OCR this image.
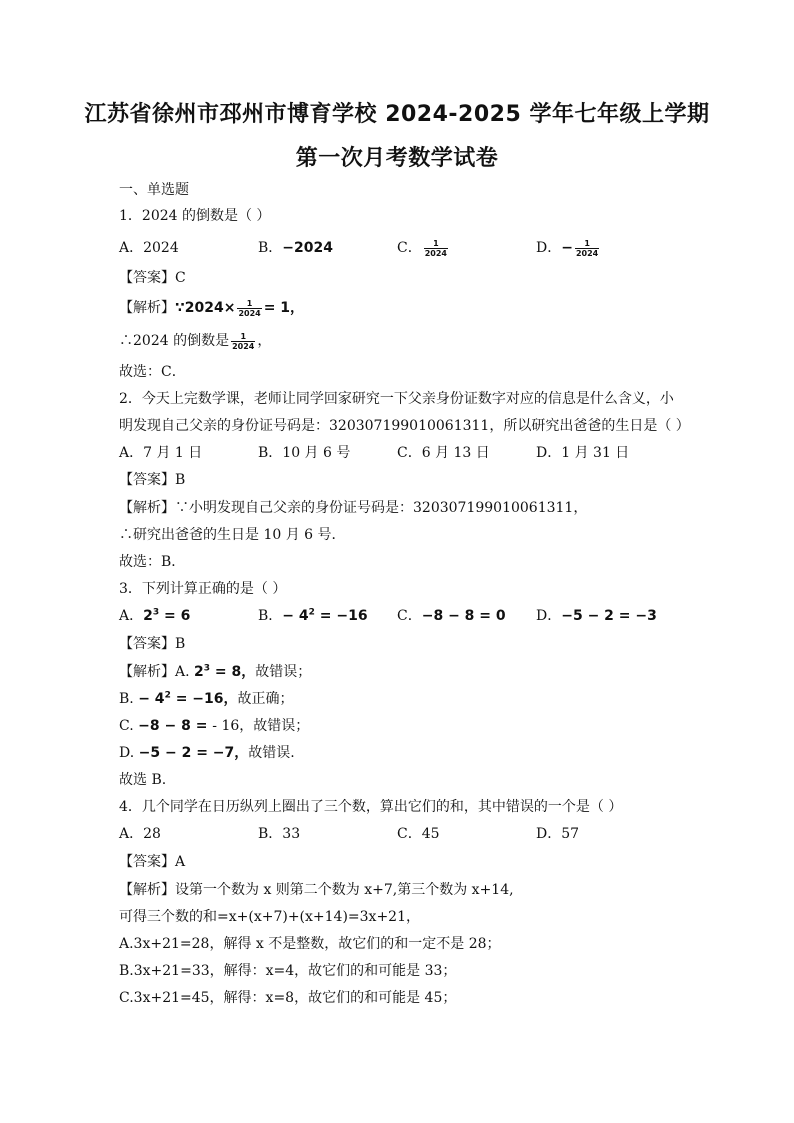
江苏省徐州市邳州市博育学校 2024-2025 学年七年级上学期
第一次月考数学试卷
一、单选题
1．2024 的倒数是（ ）
A．2024	B．−2024	C． $\frac{1}{2024}$	D．− $\frac{1}{2024}$
【答案】C
【解析】∵2024× $\frac{1}{2024} = 1$，
∴2024 的倒数是 $\frac{1}{2024}$ ，
故选：C．
2．今天上完数学课，老师让同学回家研究一下父亲身份证数字对应的信息是什么含义，小
明发现自己父亲的身份证号码是：320307199010061311，所以研究出爸爸的生日是（ ）
A．7 月 1 日	B．10 月 6 号	C．6 月 13 日	D．1 月 31 日
【答案】B
【解析】∵小明发现自己父亲的身份证号码是：320307199010061311，
∴研究出爸爸的生日是 10 月 6 号．
故选：B．
3．下列计算正确的是（ ）
A．$2^3 = 6$	B．− $4^2 = -16$ C．−8 − 8 = 0 D．−5 − 2 = −3
【答案】B
【解析】A. $2^3 = 8$，故错误；
B. − $4^2 = -16$，故正确；
C. −8 − 8 = - 16，故错误；
D. −5 − 2 = −7，故错误.
故选 B.
4．几个同学在日历纵列上圈出了三个数，算出它们的和，其中错误的一个是（ ）
A．28	B．33	C．45	D．57
【答案】A
【解析】设第一个数为 x 则第二个数为 x+7,第三个数为 x+14,
可得三个数的和=x+(x+7)+(x+14)=3x+21，
A.3x+21=28，解得 x 不是整数，故它们的和一定不是 28；
B.3x+21=33，解得：x=4，故它们的和可能是 33；
C.3x+21=45，解得：x=8，故它们的和可能是 45；
